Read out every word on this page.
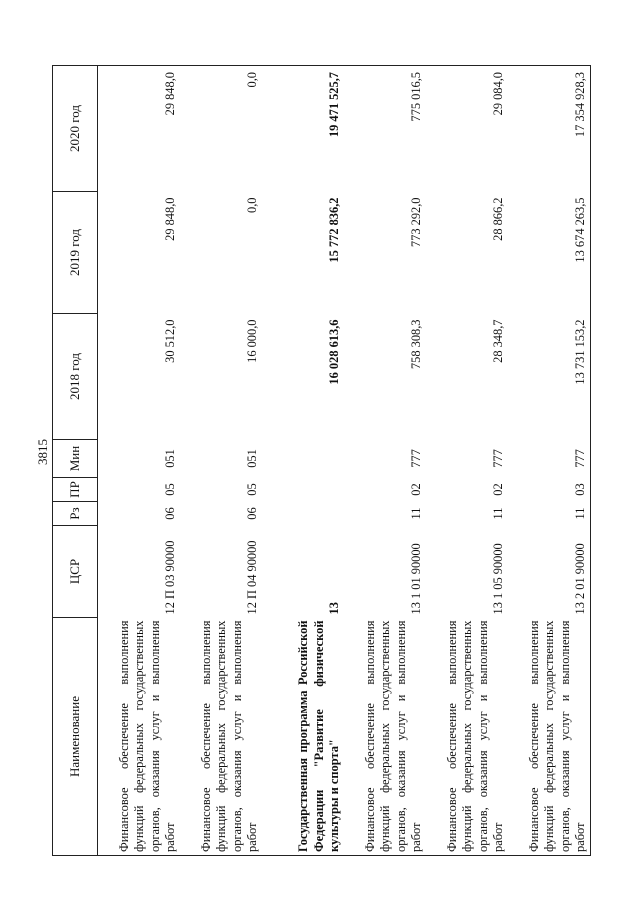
3815
Наименование	ЦСР	Рз	ПР	Мин	2018 год	2019 год	2020 год
Финансовое обеспечение выполнения функций федеральных государственных органов, оказания услуг и выполнения работ	12 П 03 90000	06	05	051	30 512,0	29 848,0	29 848,0
Финансовое обеспечение выполнения функций федеральных государственных органов, оказания услуг и выполнения работ	12 П 04 90000	06	05	051	16 000,0	0,0	0,0
Государственная программа Российской Федерации "Развитие физической культуры и спорта"	13				16 028 613,6	15 772 836,2	19 471 525,7
Финансовое обеспечение выполнения функций федеральных государственных органов, оказания услуг и выполнения работ	13 1 01 90000	11	02	777	758 308,3	773 292,0	775 016,5
Финансовое обеспечение выполнения функций федеральных государственных органов, оказания услуг и выполнения работ	13 1 05 90000	11	02	777	28 348,7	28 866,2	29 084,0
Финансовое обеспечение выполнения функций федеральных государственных органов, оказания услуг и выполнения работ	13 2 01 90000	11	03	777	13 731 153,2	13 674 263,5	17 354 928,3
